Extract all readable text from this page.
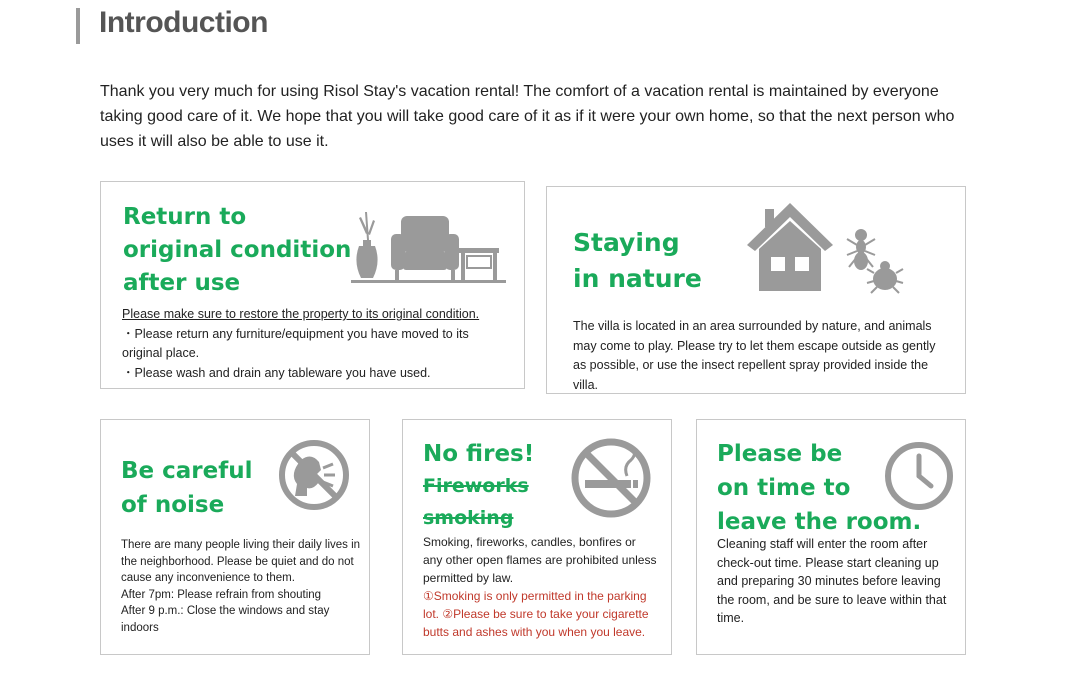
Introduction

Thank you very much for using Risol Stay's vacation rental! The comfort of a vacation rental is maintained by everyone taking good care of it. We hope that you will take good care of it as if it were your own home, so that the next person who uses it will also be able to use it.

Return to
original condition
after use

Please make sure to restore the property to its original condition.

・Please return any furniture/equipment you have moved to its original place.

・Please wash and drain any tableware you have used.

Staying
in nature

The villa is located in an area surrounded by nature, and animals may come to play. Please try to let them escape outside as gently as possible, or use the insect repellent spray provided inside the villa.

Be careful
of noise

There are many people living their daily lives in the neighborhood. Please be quiet and do not cause any inconvenience to them.

After 7pm: Please refrain from shouting

After 9 p.m.: Close the windows and stay indoors

No fires!
Fireworks
smoking

Smoking, fireworks, candles, bonfires or any other open flames are prohibited unless permitted by law.

①Smoking is only permitted in the parking lot. ②Please be sure to take your cigarette butts and ashes with you when you leave.

Please be
on time to
leave the room.

Cleaning staff will enter the room after check-out time. Please start cleaning up and preparing 30 minutes before leaving the room, and be sure to leave within that time.
